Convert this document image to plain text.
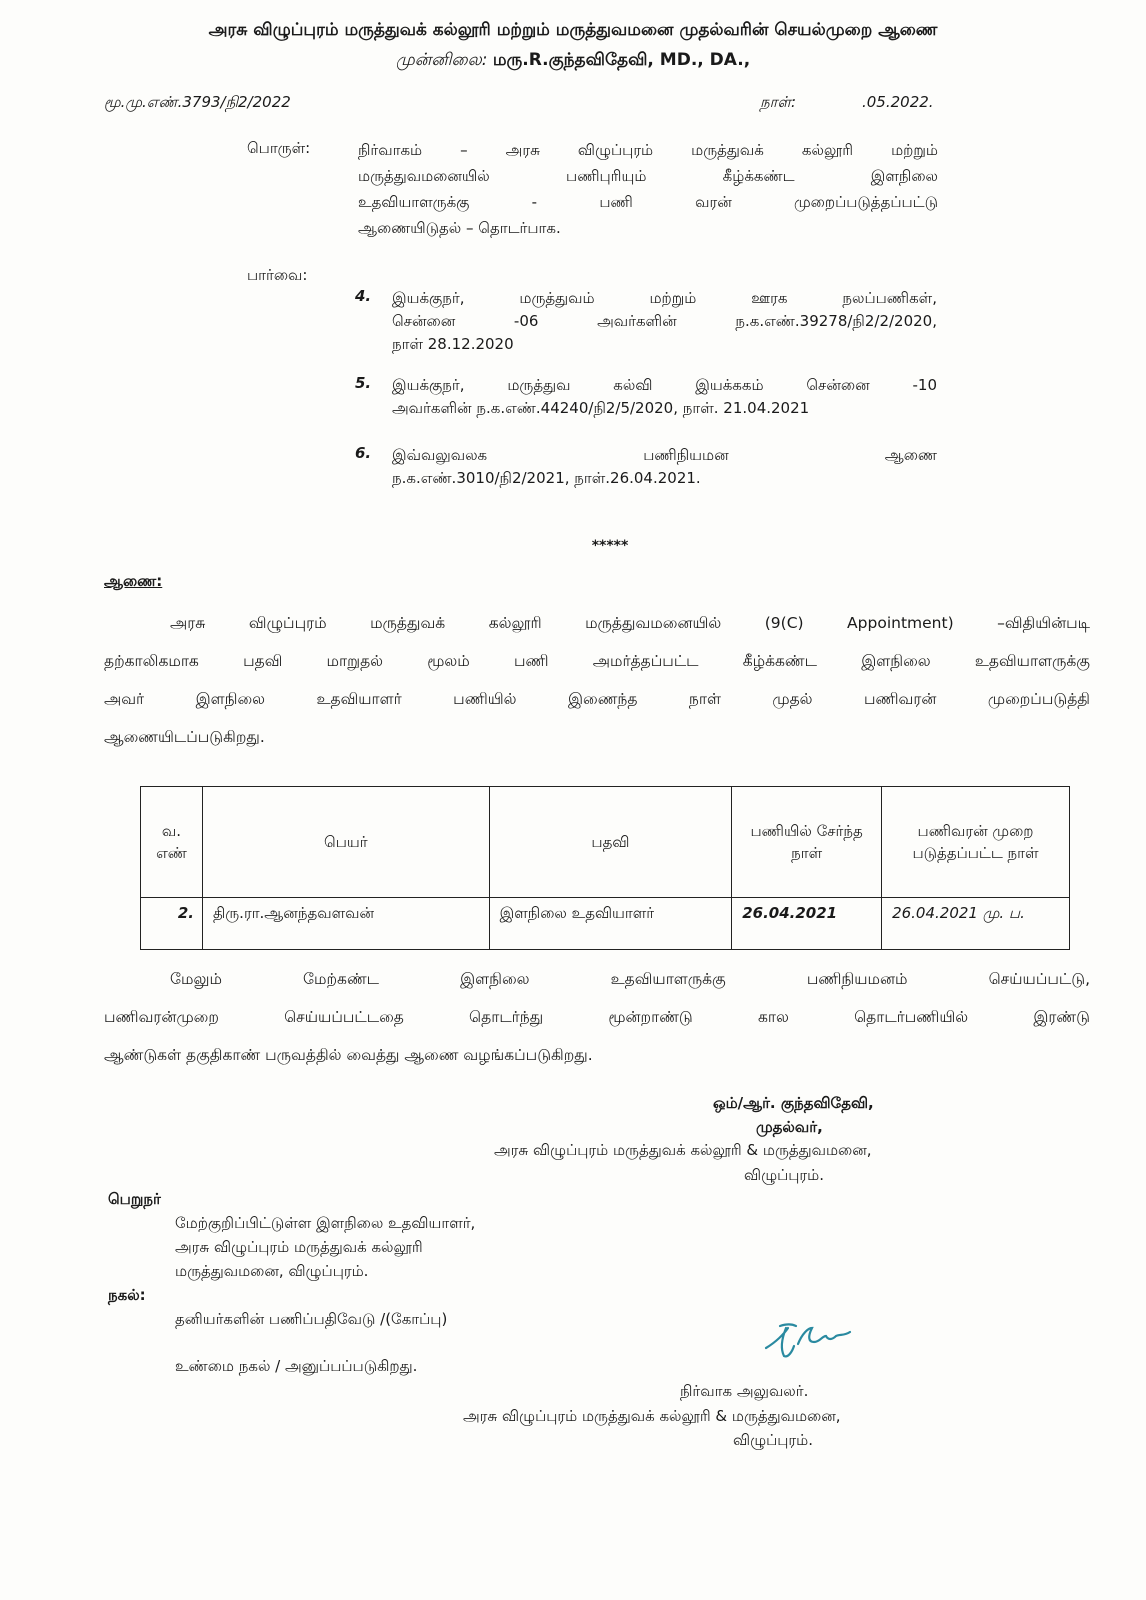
அரசு விழுப்புரம் மருத்துவக் கல்லூரி மற்றும் மருத்துவமனை முதல்வரின் செயல்முறை ஆணை
முன்னிலை: மரு.R.குந்தவிதேவி, MD., DA.,
மூ.மு.எண்.3793/நி2/2022	நாள்:	.05.2022.
பொருள்:	நிர்வாகம் – அரசு விழுப்புரம் மருத்துவக் கல்லூரி மற்றும்
மருத்துவமனையில் பணிபுரியும் கீழ்க்கண்ட இளநிலை
உதவியாளருக்கு - பணி வரன் முறைப்படுத்தப்பட்டு
ஆணையிடுதல் – தொடர்பாக.
பார்வை:
4. இயக்குநர், மருத்துவம் மற்றும் ஊரக நலப்பணிகள்,
சென்னை -06 அவர்களின் ந.க.எண்.39278/நி2/2/2020,
நாள் 28.12.2020
5. இயக்குநர், மருத்துவ கல்வி இயக்ககம் சென்னை -10
அவர்களின் ந.க.எண்.44240/நி2/5/2020, நாள். 21.04.2021
6. இவ்வலுவலக பணிநியமன ஆணை
ந.க.எண்.3010/நி2/2021, நாள்.26.04.2021.
*****
ஆணை:
அரசு விழுப்புரம் மருத்துவக் கல்லூரி மருத்துவமனையில் (9(C) Appointment) –விதியின்படி
தற்காலிகமாக பதவி மாறுதல் மூலம் பணி அமர்த்தப்பட்ட கீழ்க்கண்ட இளநிலை உதவியாளருக்கு
அவர் இளநிலை உதவியாளர் பணியில் இணைந்த நாள் முதல் பணிவரன் முறைப்படுத்தி
ஆணையிடப்படுகிறது.
வ. எண்	பெயர்	பதவி	பணியில் சேர்ந்த நாள்	பணிவரன் முறை படுத்தப்பட்ட நாள்
2.	திரு.ரா.ஆனந்தவளவன்	இளநிலை உதவியாளர்	26.04.2021	26.04.2021 மு. ப.
மேலும் மேற்கண்ட இளநிலை உதவியாளருக்கு பணிநியமனம் செய்யப்பட்டு,
பணிவரன்முறை செய்யப்பட்டதை தொடர்ந்து மூன்றாண்டு கால தொடர்பணியில் இரண்டு
ஆண்டுகள் தகுதிகாண் பருவத்தில் வைத்து ஆணை வழங்கப்படுகிறது.
ஒம்/ஆர். குந்தவிதேவி,
முதல்வர்,
அரசு விழுப்புரம் மருத்துவக் கல்லூரி & மருத்துவமனை,
விழுப்புரம்.
பெறுநர்
மேற்குறிப்பிட்டுள்ள இளநிலை உதவியாளர்,
அரசு விழுப்புரம் மருத்துவக் கல்லூரி
மருத்துவமனை, விழுப்புரம்.
நகல்:
தனியர்களின் பணிப்பதிவேடு /(கோப்பு)
உண்மை நகல் / அனுப்பப்படுகிறது.
நிர்வாக அலுவலர்.
அரசு விழுப்புரம் மருத்துவக் கல்லூரி & மருத்துவமனை,
விழுப்புரம்.
